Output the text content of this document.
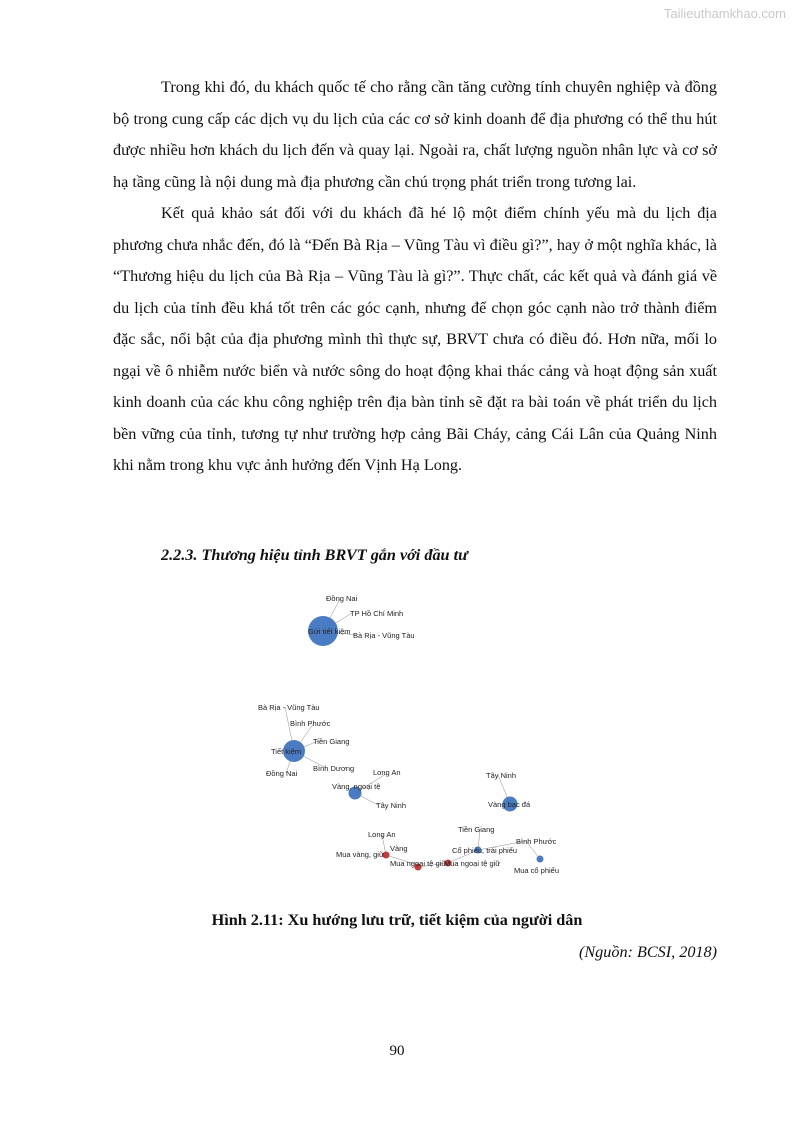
Tailieuthamkhao.com

Trong khi đó, du khách quốc tế cho rằng cần tăng cường tính chuyên nghiệp và đồng bộ trong cung cấp các dịch vụ du lịch của các cơ sở kinh doanh để địa phương có thể thu hút được nhiều hơn khách du lịch đến và quay lại. Ngoài ra, chất lượng nguồn nhân lực và cơ sở hạ tầng cũng là nội dung mà địa phương cần chú trọng phát triển trong tương lai.

Kết quả khảo sát đối với du khách đã hé lộ một điểm chính yếu mà du lịch địa phương chưa nhắc đến, đó là “Đến Bà Rịa – Vũng Tàu vì điều gì?”, hay ở một nghĩa khác, là “Thương hiệu du lịch của Bà Rịa – Vũng Tàu là gì?”. Thực chất, các kết quả và đánh giá về du lịch của tỉnh đều khá tốt trên các góc cạnh, nhưng để chọn góc cạnh nào trở thành điểm đặc sắc, nổi bật của địa phương mình thì thực sự, BRVT chưa có điều đó. Hơn nữa, mối lo ngại về ô nhiễm nước biển và nước sông do hoạt động khai thác cảng và hoạt động sản xuất kinh doanh của các khu công nghiệp trên địa bàn tỉnh sẽ đặt ra bài toán về phát triển du lịch bền vững của tỉnh, tương tự như trường hợp cảng Bãi Cháy, cảng Cái Lân của Quảng Ninh khi nằm trong khu vực ảnh hưởng đến Vịnh Hạ Long.

2.2.3. Thương hiệu tỉnh BRVT gắn với đầu tư
Gửi tiết kiệm
Đồng Nai
TP Hồ Chí Minh
Bà Rịa - Vũng Tàu
Tiết kiệm
Bà Rịa - Vũng Tàu
Bình Phước
Tiền Giang
Đồng Nai
Bình Dương
Vàng, ngoại tệ
Long An
Tây Ninh	Vàng bạc đá
Tây Ninh
Cổ phiếu, trái phiếu
Tiền Giang
Bình Phước
Mua cổ phiếu
Vàng
Long An
Mua vàng, giữ
Mua ngoại tệ giữ
Mua ngoại tệ giữ
Hình 2.11: Xu hướng lưu trữ, tiết kiệm của người dân
(Nguồn: BCSI, 2018)
90
